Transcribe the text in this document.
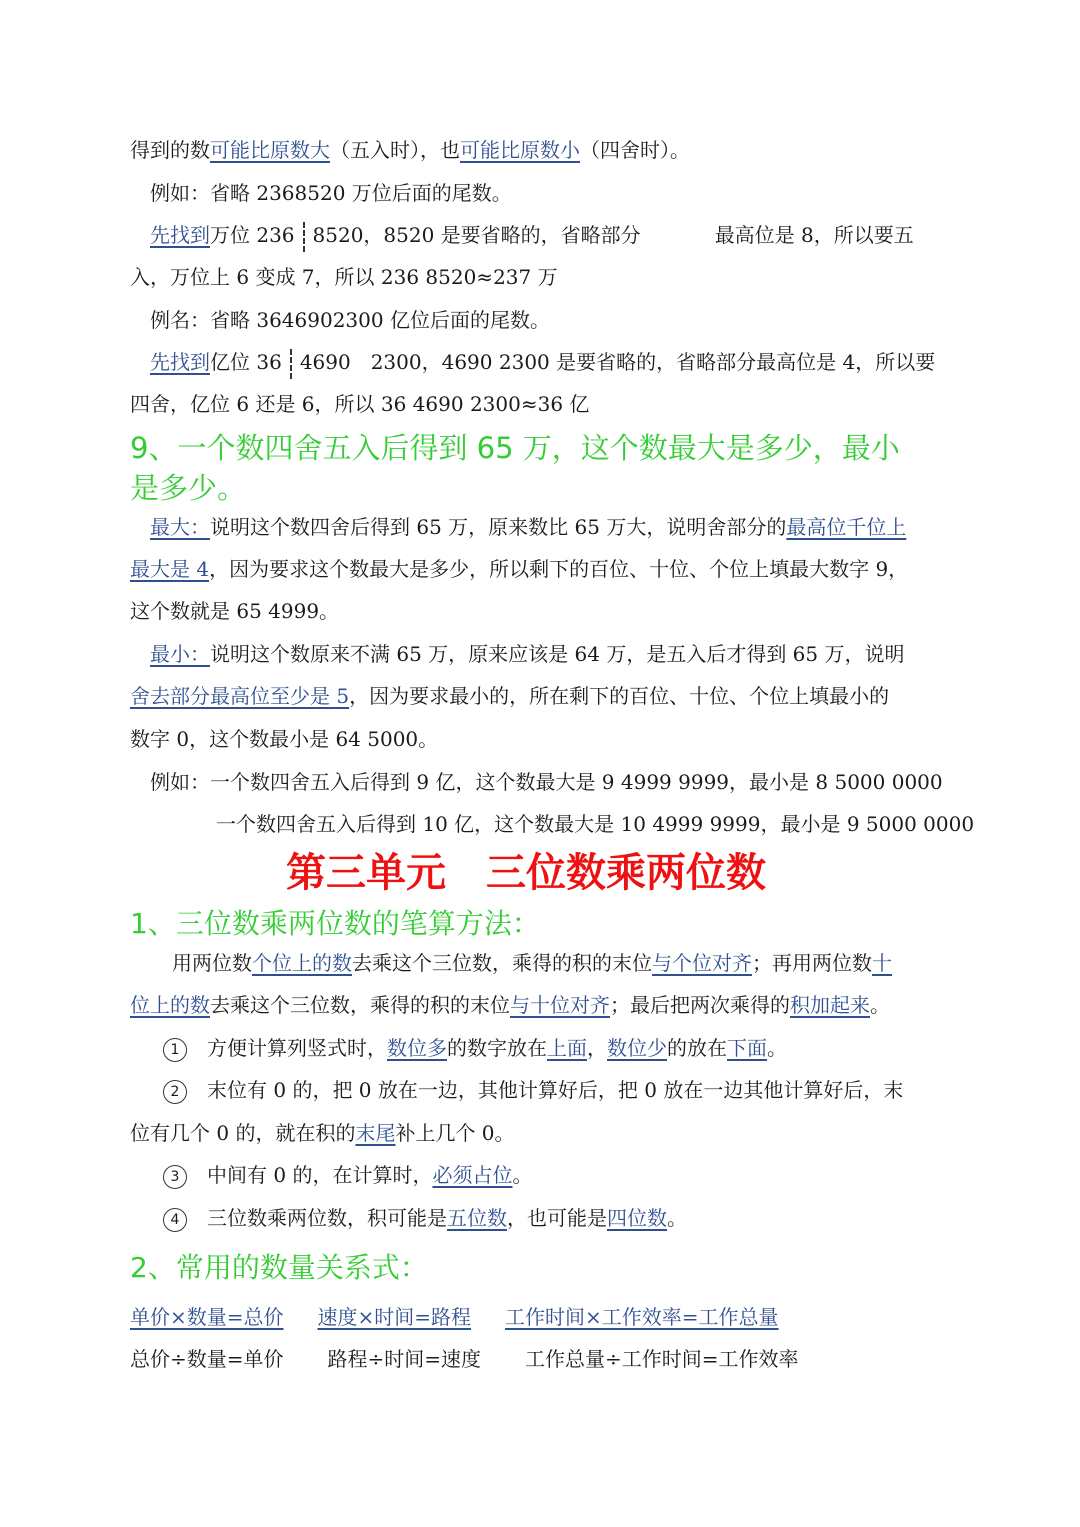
得到的数可能比原数大（五入时），也可能比原数小（四舍时）。
例如：省略 2368520 万位后面的尾数。
先找到万位 236 8520，8520 是要省略的，省略部分	最高位是 8，所以要五
入，万位上 6 变成 7，所以 236 8520≈237 万
例名：省略 3646902300 亿位后面的尾数。
先找到亿位 36 4690　2300，4690 2300 是要省略的，省略部分最高位是 4，所以要
四舍，亿位 6 还是 6，所以 36 4690 2300≈36 亿
9、一个数四舍五入后得到 65 万，这个数最大是多少，最小
是多少。
最大：说明这个数四舍后得到 65 万，原来数比 65 万大，说明舍部分的最高位千位上
最大是 4，因为要求这个数最大是多少，所以剩下的百位、十位、个位上填最大数字 9，
这个数就是 65 4999。
最小：说明这个数原来不满 65 万，原来应该是 64 万，是五入后才得到 65 万，说明
舍去部分最高位至少是 5，因为要求最小的，所在剩下的百位、十位、个位上填最小的
数字 0，这个数最小是 64 5000。
例如：一个数四舍五入后得到 9 亿，这个数最大是 9 4999 9999，最小是 8 5000 0000
一个数四舍五入后得到 10 亿，这个数最大是 10 4999 9999，最小是 9 5000 0000
第三单元　三位数乘两位数
1、三位数乘两位数的笔算方法：
用两位数个位上的数去乘这个三位数，乘得的积的末位与个位对齐；再用两位数十
位上的数去乘这个三位数，乘得的积的末位与十位对齐；最后把两次乘得的积加起来。
1 方便计算列竖式时，数位多的数字放在上面，数位少的放在下面。
2 末位有 0 的，把 0 放在一边，其他计算好后，把 0 放在一边其他计算好后，末
位有几个 0 的，就在积的末尾补上几个 0。
3 中间有 0 的，在计算时，必须占位。
4 三位数乘两位数，积可能是五位数，也可能是四位数。
2、常用的数量关系式：
单价×数量=总价 速度×时间=路程 工作时间×工作效率=工作总量
总价÷数量=单价 路程÷时间=速度 工作总量÷工作时间=工作效率
